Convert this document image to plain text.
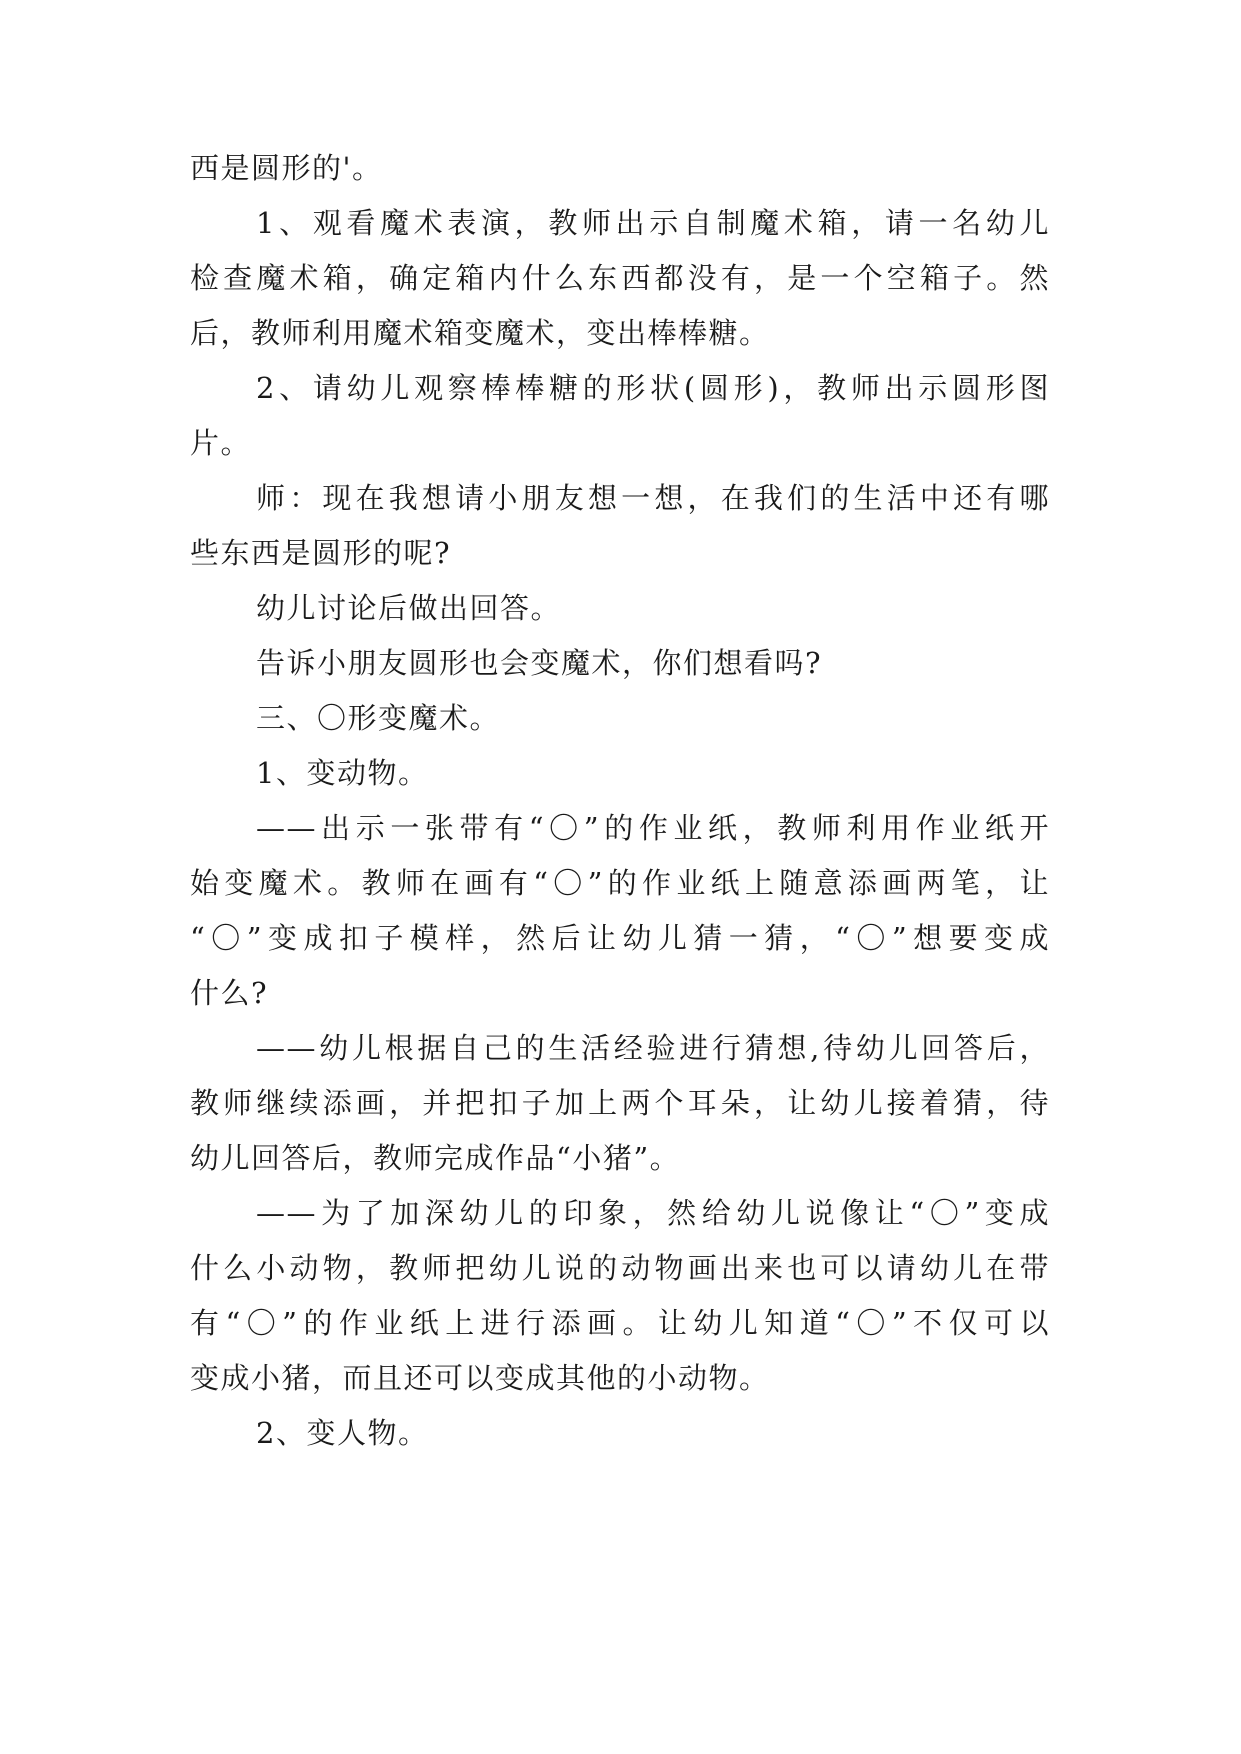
西是圆形的'。
1、观看魔术表演，教师出示自制魔术箱，请一名幼儿
检查魔术箱，确定箱内什么东西都没有，是一个空箱子。然
后，教师利用魔术箱变魔术，变出棒棒糖。
2、请幼儿观察棒棒糖的形状(圆形)，教师出示圆形图
片。
师：现在我想请小朋友想一想，在我们的生活中还有哪
些东西是圆形的呢?
幼儿讨论后做出回答。
告诉小朋友圆形也会变魔术，你们想看吗?
三、〇形变魔术。
1、变动物。
——出示一张带有“〇”的作业纸，教师利用作业纸开
始变魔术。教师在画有“〇”的作业纸上随意添画两笔，让
“〇”变成扣子模样，然后让幼儿猜一猜，“〇”想要变成
什么?
——幼儿根据自己的生活经验进行猜想,待幼儿回答后，
教师继续添画，并把扣子加上两个耳朵，让幼儿接着猜，待
幼儿回答后，教师完成作品“小猪”。
——为了加深幼儿的印象，然给幼儿说像让“〇”变成
什么小动物，教师把幼儿说的动物画出来也可以请幼儿在带
有“〇”的作业纸上进行添画。让幼儿知道“〇”不仅可以
变成小猪，而且还可以变成其他的小动物。
2、变人物。
